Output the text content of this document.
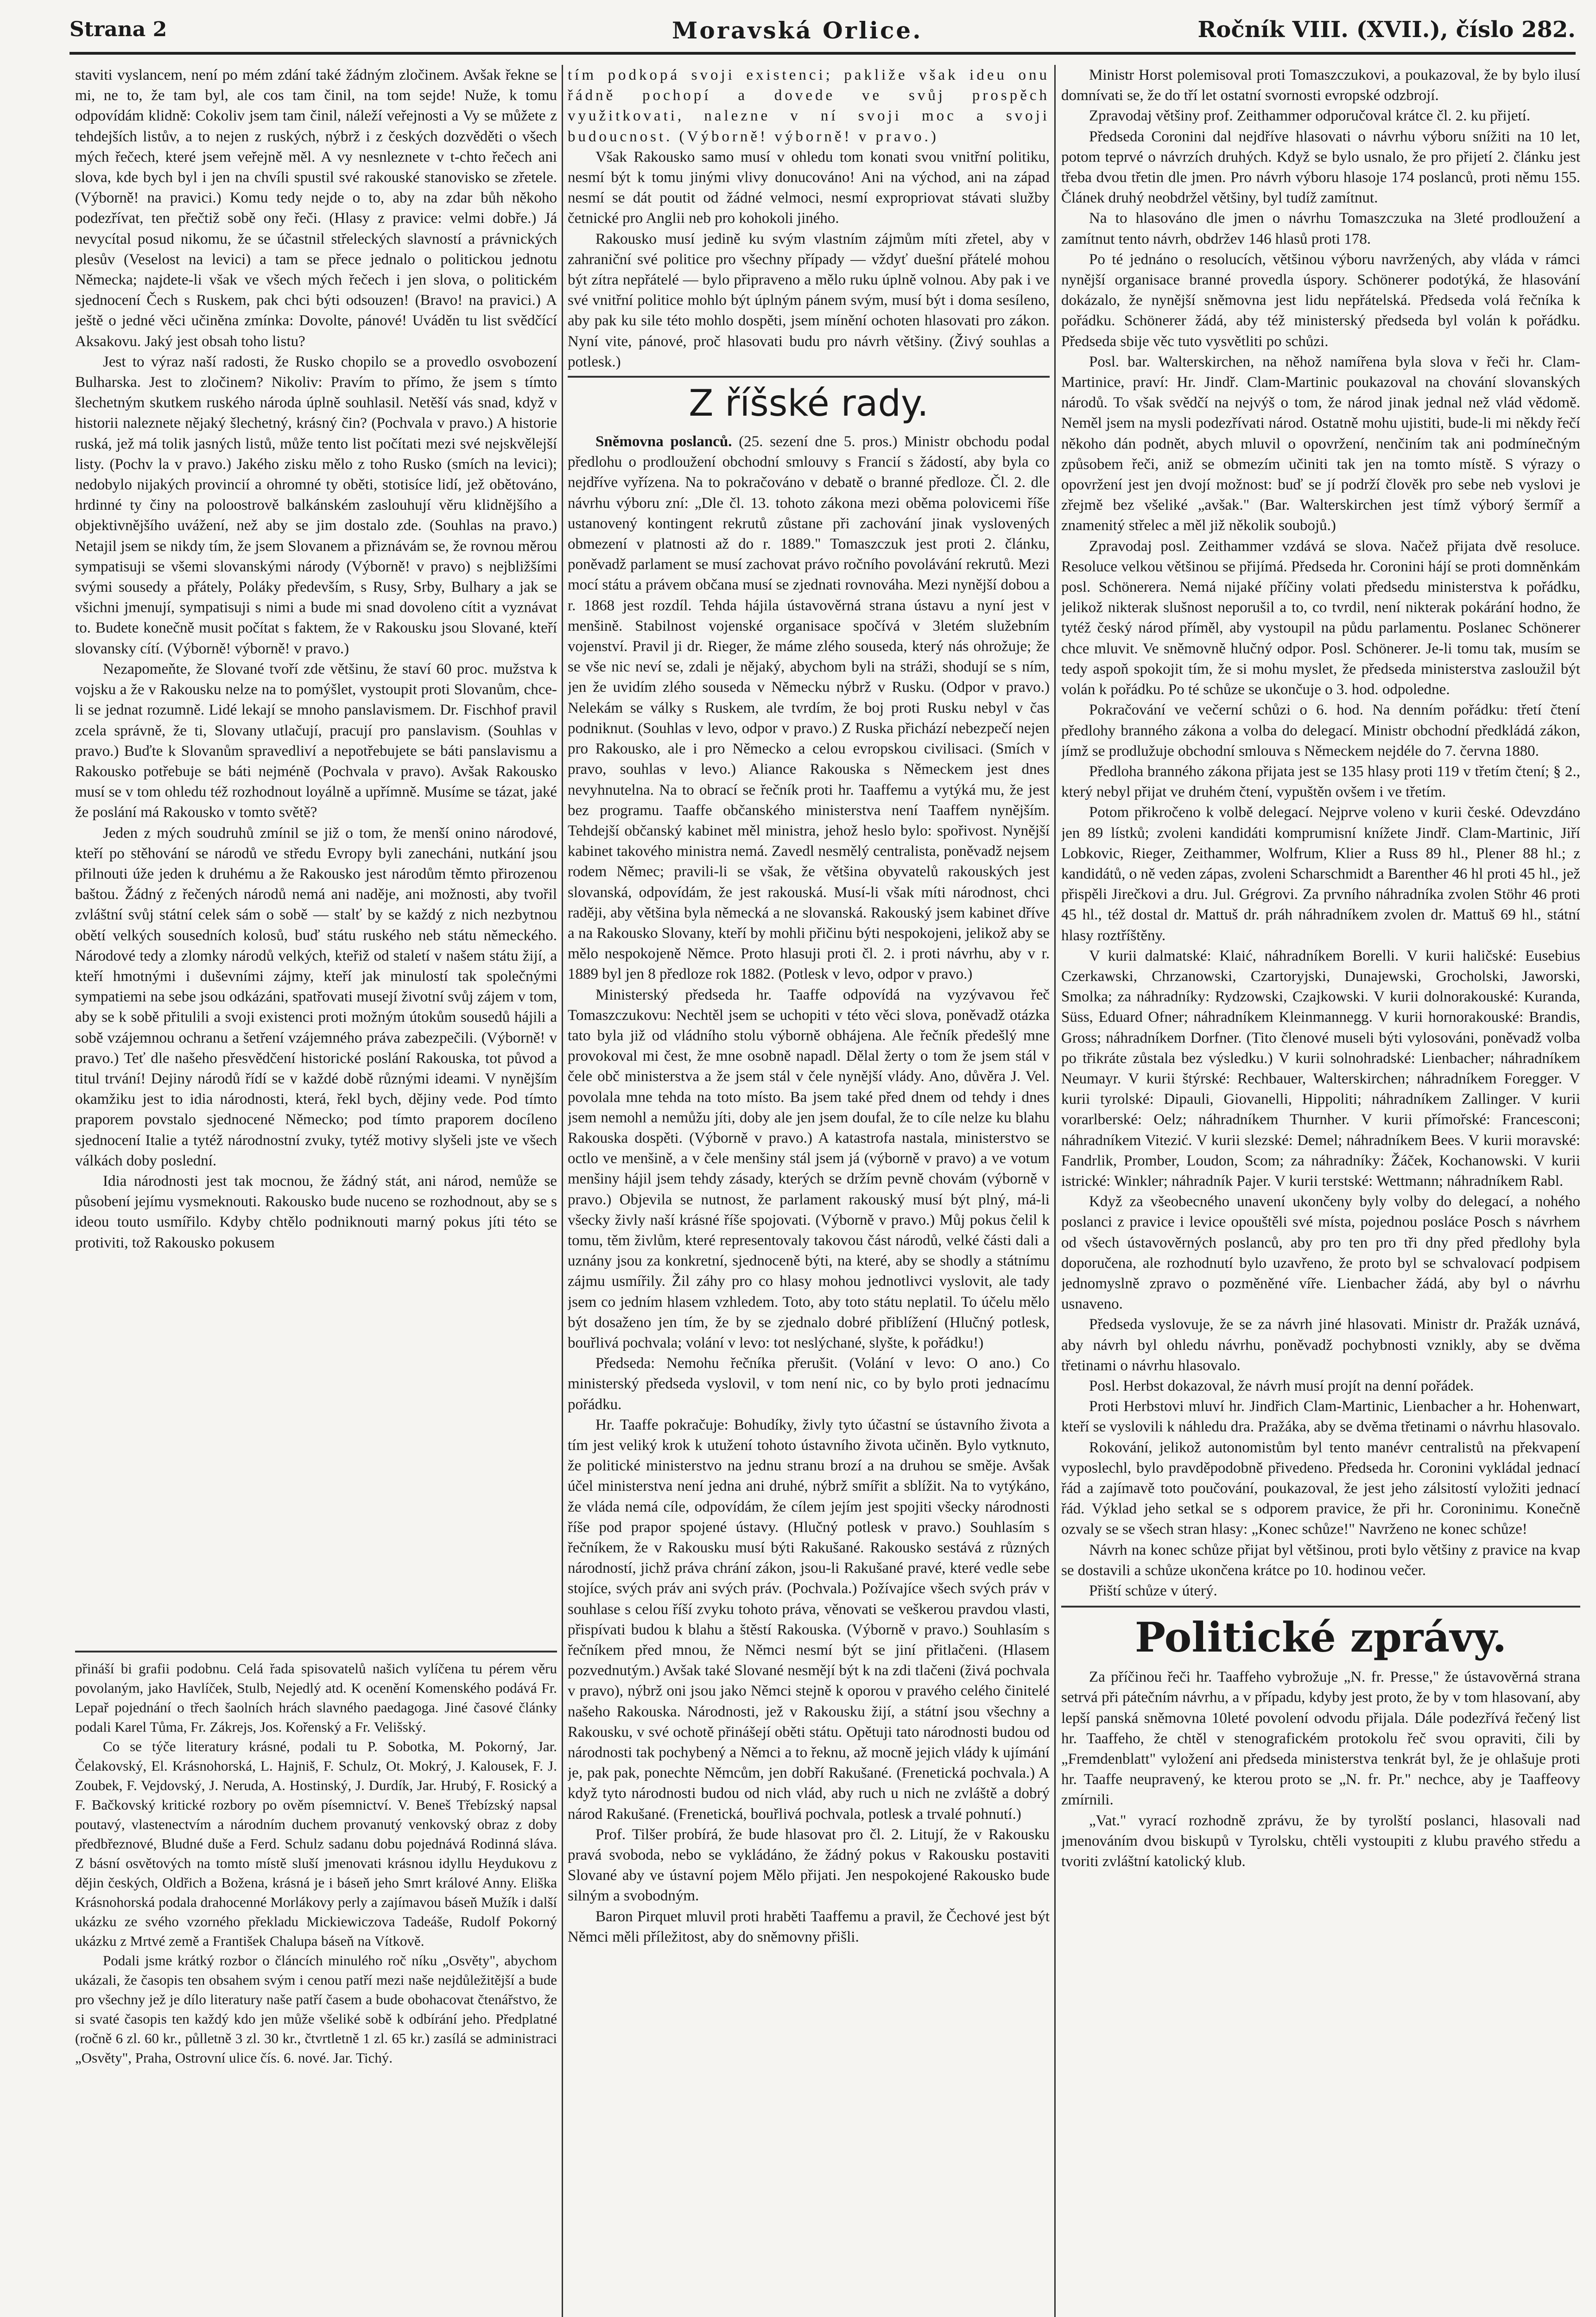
Strana 2	Moravská Orlice.	Ročník VIII. (XVII.), číslo 282.

staviti vyslancem, není po mém zdání také žádným zločinem. Avšak řekne se mi, ne to, že tam byl, ale cos tam činil, na tom sejde! Nuže, k tomu odpovídám klidně: Cokoliv jsem tam činil, náleží veřejnosti a Vy se můžete z tehdejších listův, a to nejen z ruských, nýbrž i z českých dozvěděti o všech mých řečech, které jsem veřejně měl. A vy nesnleznete v t-chto řečech ani slova, kde bych byl i jen na chvíli spustil své rakouské stanovisko se zřetele. (Výborně! na pravici.) Komu tedy nejde o to, aby na zdar bůh někoho podezřívat, ten přečtiž sobě ony řeči. (Hlasy z pravice: velmi dobře.) Já nevycítal posud nikomu, že se účastnil střeleckých slavností a právnických plesův (Veselost na levici) a tam se přece jednalo o politickou jednotu Německa; najdete-li však ve všech mých řečech i jen slova, o politickém sjednocení Čech s Ruskem, pak chci býti odsouzen! (Bravo! na pravici.) A ještě o jedné věci učiněna zmínka: Dovolte, pánové! Uváděn tu list svědčící Aksakovu. Jaký jest obsah toho listu?

Jest to výraz naší radosti, že Rusko chopilo se a provedlo osvobození Bulharska. Jest to zločinem? Nikoliv: Pravím to přímo, že jsem s tímto šlechetným skutkem ruského národa úplně souhlasil. Netěší vás snad, když v historii naleznete nějaký šlechetný, krásný čin? (Pochvala v pravo.) A historie ruská, jež má tolik jasných listů, může tento list počítati mezi své nejskvělejší listy. (Pochv la v pravo.) Jakého zisku mělo z toho Rusko (smích na levici); nedobylo nijakých provincií a ohromné ty oběti, stotisíce lidí, jež obětováno, hrdinné ty činy na poloostrově balkánském zaslouhují věru klidnějšího a objektivnějšího uvážení, než aby se jim dostalo zde. (Souhlas na pravo.) Netajil jsem se nikdy tím, že jsem Slovanem a přiznávám se, že rovnou měrou sympatisuji se všemi slovanskými národy (Výborně! v pravo) s nejbližšími svými sousedy a přátely, Poláky především, s Rusy, Srby, Bulhary a jak se všichni jmenují, sympatisuji s nimi a bude mi snad dovoleno cítit a vyznávat to. Budete konečně musit počítat s faktem, že v Rakousku jsou Slované, kteří slovansky cítí. (Výborně! výborně! v pravo.)

Nezapomeňte, že Slované tvoří zde většinu, že staví 60 proc. mužstva k vojsku a že v Rakousku nelze na to pomýšlet, vystoupit proti Slovanům, chce-li se jednat rozumně. Lidé lekají se mnoho panslavismem. Dr. Fischhof pravil zcela správně, že ti, Slovany utlačují, pracují pro panslavism. (Souhlas v pravo.) Buďte k Slovanům spravedliví a nepotřebujete se báti panslavismu a Rakousko potřebuje se báti nejméně (Pochvala v pravo). Avšak Rakousko musí se v tom ohledu též rozhodnout loyálně a upřímně. Musíme se tázat, jaké že poslání má Rakousko v tomto světě?

Jeden z mých soudruhů zmínil se již o tom, že menší onino národové, kteří po stěhování se národů ve středu Evropy byli zanecháni, nutkání jsou přilnouti úže jeden k druhému a že Rakousko jest národům těmto přirozenou baštou. Žádný z řečených národů nemá ani naděje, ani možnosti, aby tvořil zvláštní svůj státní celek sám o sobě — stalť by se každý z nich nezbytnou obětí velkých sousedních kolosů, buď státu ruského neb státu německého. Národové tedy a zlomky národů velkých, kteřiž od staletí v našem státu žijí, a kteří hmotnými i duševními zájmy, kteří jak minulostí tak společnými sympatiemi na sebe jsou odkázáni, spatřovati musejí životní svůj zájem v tom, aby se k sobě přitulili a svoji existenci proti možným útokům sousedů hájili a sobě vzájemnou ochranu a šetření vzájemného práva zabezpečili. (Výborně! v pravo.) Teť dle našeho přesvědčení historické poslání Rakouska, tot původ a titul trvání! Dejiny národů řídí se v každé době různými ideami. V nynějším okamžiku jest to idia národnosti, která, řekl bych, dějiny vede. Pod tímto praporem povstalo sjednocené Německo; pod tímto praporem docíleno sjednocení Italie a tytéž národnostní zvuky, tytéž motivy slyšeli jste ve všech válkách doby poslední.

Idia národnosti jest tak mocnou, že žádný stát, ani národ, nemůže se působení jejímu vysmeknouti. Rakousko bude nucenо se rozhodnout, aby se s ideou touto usmířilo. Kdyby chtělo podniknouti marný pokus jíti této se protiviti, tož Rakousko pokusem

přináší bi grafii podobnu. Celá řada spisovatelů našich vylíčena tu pérem věru povolaným, jako Havlíček, Stulb, Nejedlý atd. K ocenění Komenského podává Fr. Lepař pojednání o třech šaolních hrách slavného paedagoga. Jiné časové články podali Karel Tůma, Fr. Zákrejs, Jos. Kořenský a Fr. Velišský.

Co se týče literatury krásné, podali tu P. Sobotka, M. Pokorný, Jar. Čelakovský, El. Krásnohorská, L. Hajniš, F. Schulz, Ot. Mokrý, J. Kalousek, F. J. Zoubek, F. Vejdovský, J. Neruda, A. Hostinský, J. Durdík, Jar. Hrubý, F. Rosický a F. Bačkovský kritické rozbory po ověm písemnictví. V. Beneš Třebízský napsal poutavý, vlastenectvím a národním duchem provanutý venkovský obraz z doby předbřeznové, Bludné duše a Ferd. Schulz sadanu dobu pojednává Rodinná sláva. Z básní osvětových na tomto místě sluší jmenovati krásnou idyllu Heydukovu z dějin českých, Oldřich a Božena, krásná je i báseň jeho Smrt králové Anny. Eliška Krásnohorská podala drahocenné Morlákovy perly a zajímavou báseň Mužík i další ukázku ze svého vzorného překladu Mickiewiczova Tadeáše, Rudolf Pokorný ukázku z Mrtvé země a František Chalupa báseň na Vítkově.

Podali jsme krátký rozbor o článcích minulého roč níku „Osvěty", abychom ukázali, že časopis ten obsahem svým i cenou patří mezi naše nejdůležitější a bude pro všechny jež je dílo literatury naše patří časem a bude obohacovat čtenářstvo, že si svaté časopis ten každý kdo jen může všeliké sobě k odbírání jeho. Předplatné (ročně 6 zl. 60 kr., půlletně 3 zl. 30 kr., čtvrtletně 1 zl. 65 kr.) zasílá se administraci „Osvěty", Praha, Ostrovní ulice čís. 6. nové. Jar. Tichý.

tím podkopá svoji existenci; pakliže však ideu onu řádně pochopí a dovede ve svůj prospěch využitkovati, nalezne v ní svoji moc a svoji budoucnost. (Výborně! výborně! v pravo.)

Však Rakousko samo musí v ohledu tom konati svou vnitřní politiku, nesmí být k tomu jinými vlivy donucováno! Ani na východ, ani na západ nesmí se dát poutit od žádné velmoci, nesmí expropriovat stávati služby četnické pro Anglii neb pro kohokoli jiného.

Rakousko musí jedině ku svým vlastním zájmům míti zřetel, aby v zahraniční své politice pro všechny případy — vždyť duešní přátelé mohou být zítra nepřátelé — bylo připraveno a mělo ruku úplně volnou. Aby pak i ve své vnitřní politice mohlo být úplným pánem svým, musí být i doma sesíleno, aby pak ku sile této mohlo dospěti, jsem mínění ochoten hlasovati pro zákon. Nyní vite, pánové, proč hlasovati budu pro návrh většiny. (Živý souhlas a potlesk.)

Z říšské rady.

Sněmovna poslanců. (25. sezení dne 5. pros.) Ministr obchodu podal předlohu o prodloužení obchodní smlouvy s Francií s žádostí, aby byla co nejdříve vyřízena. Na to pokračováno v debatě o branné předloze. Čl. 2. dle návrhu výboru zní: „Dle čl. 13. tohoto zákona mezi oběma polovicemi říše ustanovený kontingent rekrutů zůstane při zachování jinak vyslovených obmezení v platnosti až do r. 1889." Tomaszczuk jest proti 2. článku, poněvadž parlament se musí zachovat právo ročního povolávání rekrutů. Mezi mocí státu a právem občana musí se zjednati rovnováha. Mezi nynější dobou a r. 1868 jest rozdíl. Tehda hájila ústavověrná strana ústavu a nyní jest v menšině. Stabilnost vojenské organisace spočívá v 3letém služebním vojenství. Pravil ji dr. Rieger, že máme zlého souseda, který nás ohrožuje; že se vše nic neví se, zdali je nějaký, abychom byli na stráži, shodují se s ním, jen že uvidím zlého souseda v Německu nýbrž v Rusku. (Odpor v pravo.) Nelekám se války s Ruskem, ale tvrdím, že boj proti Rusku nebyl v čas podniknut. (Souhlas v levo, odpor v pravo.) Z Ruska přichází nebezpečí nejen pro Rakousko, ale i pro Německo a celou evropskou civilisaci. (Smích v pravo, souhlas v levo.) Aliance Rakouska s Německem jest dnes nevyhnutelna. Na to obrací se řečník proti hr. Taaffemu a vytýká mu, že jest bez programu. Taaffe občanského ministerstva není Taaffem nynějším. Tehdejší občanský kabinet měl ministra, jehož heslo bylo: spořivost. Nynější kabinet takového ministra nemá. Zavedl nesmělý centralista, poněvadž nejsem rodem Němec; pravili-li se však, že většina obyvatelů rakouských jest slovanská, odpovídám, že jest rakouská. Musí-li však míti národnost, chci raději, aby většina byla německá a ne slovanská. Rakouský jsem kabinet dříve a na Rakousko Slovany, kteří by mohli přičinu býti nespokojeni, jelikož aby se mělo nespokojeně Němce. Proto hlasuji proti čl. 2. i proti návrhu, aby v r. 1889 byl jen 8 předloze rok 1882. (Potlesk v levo, odpor v pravo.)

Ministerský předseda hr. Taaffe odpovídá na vyzývavou řeč Tomaszczukovu: Nechtěl jsem se uchopiti v této věci slova, poněvadž otázka tato byla již od vládního stolu výborně obhájena. Ale řečník předešlý mne provokoval mi čest, že mne osobně napadl. Dělal žerty o tom že jsem stál v čele obč ministerstva a že jsem stál v čele nynější vlády. Ano, důvěra J. Vel. povolala mne tehda na toto místo. Ba jsem také před dnem od tehdy i dnes jsem nemohl a nemůžu jíti, doby ale jen jsem doufal, že to cíle nelze ku blahu Rakouska dospěti. (Výborně v pravo.) A katastrofa nastala, ministerstvo se octlo ve menšině, a v čele menšiny stál jsem já (výborně v pravo) a ve votum menšiny hájil jsem tehdy zásady, kterých se držím pevně chovám (výborně v pravo.) Objevila se nutnost, že parlament rakouský musí být plný, má-li všecky živly naší krásné říše spojovati. (Výborně v pravo.) Můj pokus čelil k tomu, těm živlům, které representovaly takovou část národů, velké části dali a uznány jsou za konkretní, sjednoceně býti, na které, aby se shodly a státnímu zájmu usmířily. Žil záhy pro co hlasy mohou jednotlivci vyslovit, ale tady jsem co jedním hlasem vzhledem. Toto, aby toto státu neplatil. To účelu mělo být dosaženo jen tím, že by se zjednalo dobré přiblížení (Hlučný potlesk, bouřlivá pochvala; volání v levo: tot neslýchané, slyšte, k pořádku!)

Předseda: Nemohu řečníka přerušit. (Volání v levo: O ano.) Co ministerský předseda vyslovil, v tom není nic, co by bylo proti jednacímu pořádku.

Hr. Taaffe pokračuje: Bohudíky, živly tyto účastní se ústavního života a tím jest veliký krok k utužení tohoto ústavního života učiněn. Bylo vytknuto, že politické ministerstvo na jednu stranu brozí a na druhou se směje. Avšak účel ministerstva není jedna ani druhé, nýbrž smířit a sblížit. Na to vytýkáno, že vláda nemá cíle, odpovídám, že cílem jejím jest spojiti všecky národnosti říše pod prapor spojené ústavy. (Hlučný potlesk v pravo.) Souhlasím s řečníkem, že v Rakousku musí býti Rakušané. Rakousko sestává z různých národností, jichž práva chrání zákon, jsou-li Rakušané pravé, které vedle sebe stojíce, svých práv ani svých práv. (Pochvala.) Požívajíce všech svých práv v souhlase s celou říší zvyku tohoto práva, věnovati se veškerou pravdou vlasti, přispívati budou k blahu a štěstí Rakouska. (Výborně v pravo.) Souhlasím s řečníkem před mnou, že Němci nesmí být se jiní přitlačeni. (Hlasem pozvednutým.) Avšak také Slované nesmějí být k na zdi tlačeni (živá pochvala v pravo), nýbrž oni jsou jako Němci stejně k oporou v pravého celého činitelé našeho Rakouska. Národnosti, jež v Rakousku žijí, a státní jsou všechny a Rakousku, v své ochotě přinášejí oběti státu. Opětuji tato národnosti budou od národnosti tak pochybený a Němci a to řeknu, až mocně jejich vlády k ujímání je, pak pak, ponechte Němcům, jen dobří Rakušané. (Frenetická pochvala.) A když tyto národnosti budou od nich vlád, aby ruch u nich ne zvláště a dobrý národ Rakušané. (Frenetická, bouřlivá pochvala, potlesk a trvalé pohnutí.)

Prof. Tilšer probírá, že bude hlasovat pro čl. 2. Litují, že v Rakousku pravá svoboda, nebo se vykládáno, že žádný pokus v Rakousku postaviti Slované aby ve ústavní pojem Mělo přijati. Jen nespokojené Rakousko bude silným a svobodným.

Baron Pirquet mluvil proti hraběti Taaffemu a pravil, že Čechové jest být Němci měli příležitost, aby do sněmovny přišli.

Ministr Horst polemisoval proti Tomaszczukovi, a poukazoval, že by bylo ilusí domnívati se, že do tří let ostatní svornosti evropské odzbrojí.

Zpravodaj většiny prof. Zeithammer odporučoval krátce čl. 2. ku přijetí.

Předseda Coronini dal nejdříve hlasovati o návrhu výboru snížiti na 10 let, potom teprvé o návrzích druhých. Když se bylo usnalo, že pro přijetí 2. článku jest třeba dvou třetin dle jmen. Pro návrh výboru hlasoje 174 poslanců, proti němu 155. Článek druhý neobdržel většiny, byl tudíž zamítnut.

Na to hlasováno dle jmen o návrhu Tomaszczuka na 3leté prodloužení a zamítnut tento návrh, obdržev 146 hlasů proti 178.

Po té jednáno o resolucích, většinou výboru navržených, aby vláda v rámci nynější organisace branné provedla úspory. Schönerer podotýká, že hlasování dokázalo, že nynější sněmovna jest lidu nepřátelská. Předseda volá řečníka k pořádku. Schönerer žádá, aby též ministerský předseda byl volán k pořádku. Předseda sbije věc tuto vysvětliti po schůzi.

Posl. bar. Walterskirchen, na něhož namířena byla slova v řeči hr. Clam-Martinice, praví: Hr. Jindř. Clam-Martinic poukazoval na chování slovanských národů. To však svědčí na nejvýš o tom, že národ jinak jednal než vlád vědomě. Neměl jsem na mysli podezřívati národ. Ostatně mohu ujistiti, bude-li mi někdy řečí někoho dán podnět, abych mluvil o opovržení, nenčiním tak ani podmínečným způsobem řeči, aniž se obmezím učiniti tak jen na tomto místě. S výrazy o opovržení jest jen dvojí možnost: buď se jí podrží člověk pro sebe neb vyslovi je zřejmě bez všeliké „avšak." (Bar. Walterskirchen jest tímž výborý šermíř a znamenitý střelec a měl již několik soubojů.)

Zpravodaj posl. Zeithammer vzdává se slova. Načež přijata dvě resoluce. Resoluce velkou většinou se přijímá. Předseda hr. Coronini hájí se proti domněnkám posl. Schönerera. Nemá nijaké příčiny volati předsedu ministerstva k pořádku, jelikož nikterak slušnost neporušil a to, co tvrdil, není nikterak pokárání hodno, že tytéž český národ příměl, aby vystoupil na půdu parlamentu. Poslanec Schönerer chce mluvit. Ve sněmovně hlučný odpor. Posl. Schönerer. Je-li tomu tak, musím se tedy aspoň spokojit tím, že si mohu myslet, že předseda ministerstva zasloužil být volán k pořádku. Po té schůze se ukončuje o 3. hod. odpoledne.

Pokračování ve večerní schůzi o 6. hod. Na denním pořádku: třetí čtení předlohy branného zákona a volba do delegací. Ministr obchodní předkládá zákon, jímž se prodlužuje obchodní smlouva s Německem nejdéle do 7. června 1880.

Předloha branného zákona přijata jest se 135 hlasy proti 119 v třetím čtení; § 2., který nebyl přijat ve druhém čtení, vypuštěn ovšem i ve třetím.

Potom přikročeno k volbě delegací. Nejprve voleno v kurii české. Odevzdáno jen 89 lístků; zvoleni kandidáti komprumisní knížete Jindř. Clam-Martinic, Jiří Lobkovic, Rieger, Zeithammer, Wolfrum, Klier a Russ 89 hl., Plener 88 hl.; z kandidátů, o ně veden zápas, zvoleni Scharschmidt a Barenther 46 hl proti 45 hl., jež přispěli Jirečkovi a dru. Jul. Grégrovi. Za prvního náhradníka zvolen Stöhr 46 proti 45 hl., též dostal dr. Mattuš dr. práh náhradníkem zvolen dr. Mattuš 69 hl., státní hlasy roztříštěny.

V kurii dalmatské: Klaić, náhradníkem Borelli. V kurii haličské: Eusebius Czerkawski, Chrzanowski, Czartoryjski, Dunajewski, Grocholski, Jaworski, Smolka; za náhradníky: Rydzowski, Czajkowski. V kurii dolnorakouské: Kuranda, Süss, Eduard Ofner; náhradníkem Kleinmannegg. V kurii hornorakouské: Brandis, Gross; náhradníkem Dorfner. (Tito členové museli býti vylosováni, poněvadž volba po třikráte zůstala bez výsledku.) V kurii solnohradské: Lienbacher; náhradníkem Neumayr. V kurii štýrské: Rechbauer, Walterskirchen; náhradníkem Foregger. V kurii tyrolské: Dipauli, Giovanelli, Hippoliti; náhradníkem Zallinger. V kurii vorarlberské: Oelz; náhradníkem Thurnher. V kurii přímořské: Francesconi; náhradníkem Vitezić. V kurii slezské: Demel; náhradníkem Bees. V kurii moravské: Fandrlik, Promber, Loudon, Scom; za náhradníky: Žáček, Kochanowski. V kurii istrické: Winkler; náhradník Pajer. V kurii terstské: Wettmann; náhradníkem Rabl.

Když za všeobecného unavení ukončeny byly volby do delegací, a nohého poslanci z pravice i levice opouštěli své místa, pojednou posláce Posch s návrhem od všech ústavověrných poslanců, aby pro ten pro tři dny před předlohy byla doporučena, ale rozhodnutí bylo uzavřeno, že proto byl se schvalovací podpisem jednomyslně zpravo o pozměněné víře. Lienbacher žádá, aby byl o návrhu usnaveno.

Předseda vyslovuje, že se za návrh jiné hlasovati. Ministr dr. Pražák uznává, aby návrh byl ohledu návrhu, poněvadž pochybnosti vznikly, aby se dvěma třetinami o návrhu hlasovalo.

Posl. Herbst dokazoval, že návrh musí projít na denní pořádek.

Proti Herbstovi mluví hr. Jindřich Clam-Martinic, Lienbacher a hr. Hohenwart, kteří se vyslovili k náhledu dra. Pražáka, aby se dvěma třetinami o návrhu hlasovalo.

Rokování, jelikož autonomistům byl tento manévr centralistů na překvapení vyposlechl, bylo pravděpodobně přivedeno. Předseda hr. Coronini vykládal jednací řád a zajímavě toto poučování, poukazoval, že jest jeho zálsitostí vyložiti jednací řád. Výklad jeho setkal se s odporem pravice, že při hr. Coroninimu. Konečně ozvaly se se všech stran hlasy: „Konec schůze!" Navrženo ne konec schůze!

Návrh na konec schůze přijat byl většinou, proti bylo většiny z pravice na kvap se dostavili a schůze ukončena krátce po 10. hodinou večer.

Přiští schůze v úterý.

Politické zprávy.

Za příčinou řeči hr. Taaffeho vybrožuje „N. fr. Presse," že ústavověrná strana setrvá při pátečním návrhu, a v případu, kdyby jest proto, že by v tom hlasovaní, aby lepší panská sněmovna 10leté povolení odvodu přijala. Dále podezřívá řečený list hr. Taaffeho, že chtěl v stenografickém protokolu řeč svou opraviti, čili by „Fremdenblatt" vyložení ani předseda ministerstva tenkrát byl, že je ohlašuje proti hr. Taaffe neupravený, ke kterou proto se „N. fr. Pr." nechce, aby je Taaffeovy zmírnili.

„Vat." vyrací rozhodně zprávu, že by tyrolští poslanci, hlasovali nad jmenováním dvou biskupů v Tyrolsku, chtěli vystoupiti z klubu pravého středu a tvoriti zvláštní katolický klub.
